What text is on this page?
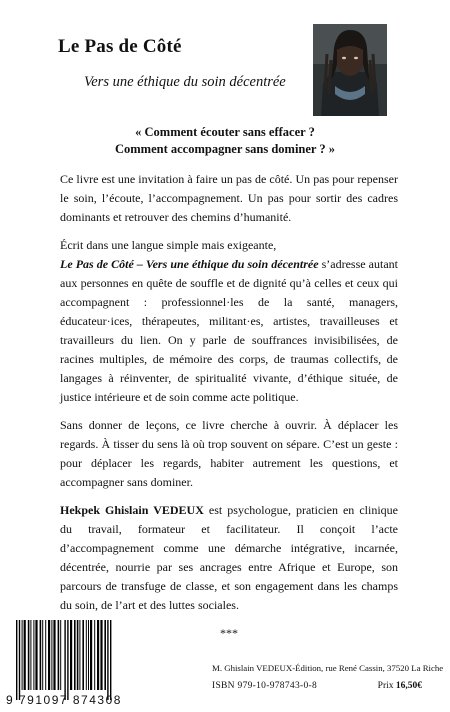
Le Pas de Côté
Vers une éthique du soin décentrée
« Comment écouter sans effacer ?
Comment accompagner sans dominer ? »

Ce livre est une invitation à faire un pas de côté. Un pas pour repenser le soin, l’écoute, l’accompagnement. Un pas pour sortir des cadres dominants et retrouver des chemins d’humanité.

Écrit dans une langue simple mais exigeante,

Le Pas de Côté – Vers une éthique du soin décentrée s’adresse autant aux personnes en quête de souffle et de dignité qu’à celles et ceux qui accompagnent : professionnel·les de la santé, managers, éducateur·ices, thérapeutes, militant·es, artistes, travailleuses et travailleurs du lien. On y parle de souffrances invisibilisées, de racines multiples, de mémoire des corps, de traumas collectifs, de langages à réinventer, de spiritualité vivante, d’éthique située, de justice intérieure et de soin comme acte politique.

Sans donner de leçons, ce livre cherche à ouvrir. À déplacer les regards. À tisser du sens là où trop souvent on sépare. C’est un geste : pour déplacer les regards, habiter autrement les questions, et accompagner sans dominer.

Hekpek Ghislain VEDEUX est psychologue, praticien en clinique du travail, formateur et facilitateur. Il conçoit l’acte d’accompagnement comme une démarche intégrative, incarnée, décentrée, nourrie par ses ancrages entre Afrique et Europe, son parcours de transfuge de classe, et son engagement dans les champs du soin, de l’art et des luttes sociales.

***
9 791097 874308
M. Ghislain VEDEUX-Édition, rue René Cassin, 37520 La Riche
ISBN 979-10-978743-0-8	Prix 16,50€
